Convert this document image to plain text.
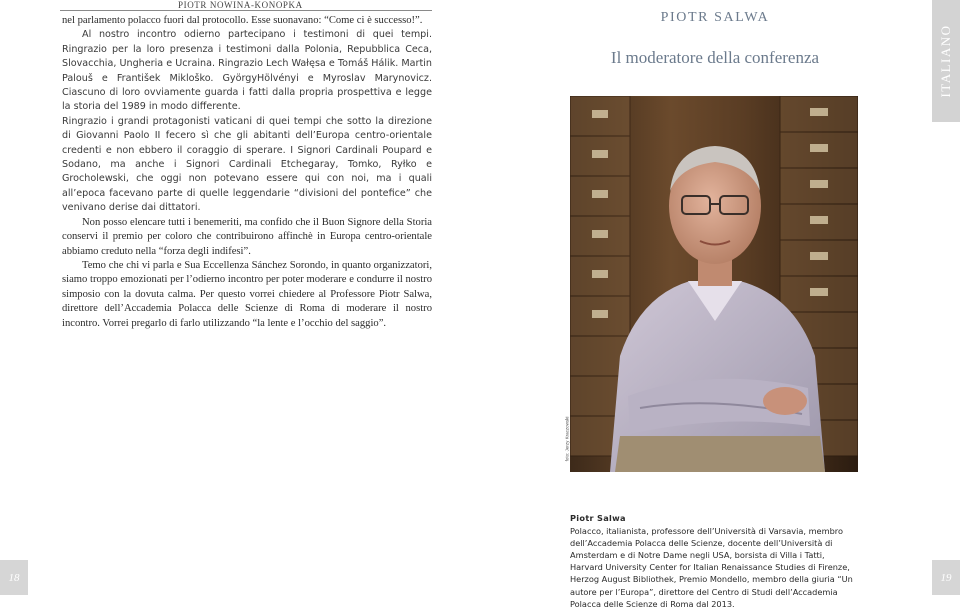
PIOTR NOWINA-KONOPKA

nel parlamento polacco fuori dal protocollo. Esse suonavano: “Come ci è successo!”.

Al nostro incontro odierno partecipano i testimoni di quei tempi. Ringrazio per la loro presenza i testimoni dalla Polonia, Repubblica Ceca, Slovacchia, Ungheria e Ucraina. Ringrazio Lech Wałęsa e Tomáš Hálik. Martin Palouš e František Mikloško. GyörgyHölvényi e Myroslav Marynovicz. Ciascuno di loro ovviamente guarda i fatti dalla propria prospettiva e legge la storia del 1989 in modo differente.

Ringrazio i grandi protagonisti vaticani di quei tempi che sotto la direzione di Giovanni Paolo II fecero sì che gli abitanti dell’Europa centro-orientale credenti e non ebbero il coraggio di sperare. I Signori Cardinali Poupard e Sodano, ma anche i Signori Cardinali Etchegaray, Tomko, Ryłko e Grocholewski, che oggi non potevano essere qui con noi, ma i quali all’epoca facevano parte di quelle leggendarie “divisioni del pontefice” che venivano derise dai dittatori.

Non posso elencare tutti i benemeriti, ma confido che il Buon Signore della Storia conservi il premio per coloro che contribuirono affinchè in Europa centro-orientale abbiamo creduto nella “forza degli indifesi”.

Temo che chi vi parla e Sua Eccellenza Sánchez Sorondo, in quanto organizzatori, siamo troppo emozionati per l’odierno incontro per poter moderare e condurre il nostro simposio con la dovuta calma. Per questo vorrei chiedere al Professore Piotr Salwa, direttore dell’Accademia Polacca delle Scienze di Roma di moderare il nostro incontro. Vorrei pregarlo di farlo utilizzando “la lente e l’occhio del saggio”.

18
PIOTR SALWA
Il moderatore della conferenza	ITALIANO
foto: Jerzy Kraczowski
Piotr Salwa

Polacco, italianista, professore dell’Università di Varsavia, membro dell’Accademia Polacca delle Scienze, docente dell’Università di Amsterdam e di Notre Dame negli USA, borsista di Villa i Tatti, Harvard University Center for Italian Renaissance Studies di Firenze, Herzog August Bibliothek, Premio Mondello, membro della giuria “Un autore per l’Europa”, direttore del Centro di Studi dell’Accademia Polacca delle Scienze di Roma dal 2013.

19
